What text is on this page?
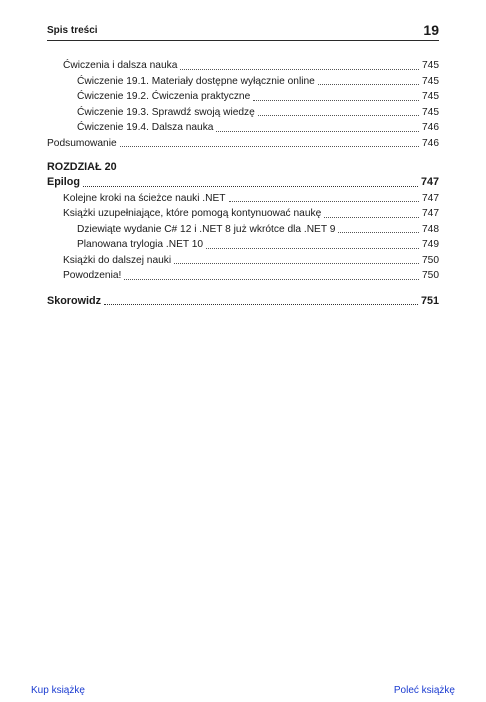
Spis treści	19
Ćwiczenia i dalsza nauka	745
Ćwiczenie 19.1. Materiały dostępne wyłącznie online	745
Ćwiczenie 19.2. Ćwiczenia praktyczne	745
Ćwiczenie 19.3. Sprawdź swoją wiedzę	745
Ćwiczenie 19.4. Dalsza nauka	746
Podsumowanie	746
ROZDZIAŁ 20
Epilog	747
Kolejne kroki na ścieżce nauki .NET	747
Książki uzupełniające, które pomogą kontynuować naukę	747
Dziewiąte wydanie C# 12 i .NET 8 już wkrótce dla .NET 9	748
Planowana trylogia .NET 10	749
Książki do dalszej nauki	750
Powodzenia!	750
Skorowidz	751
Kup książkę	Poleć książkę
